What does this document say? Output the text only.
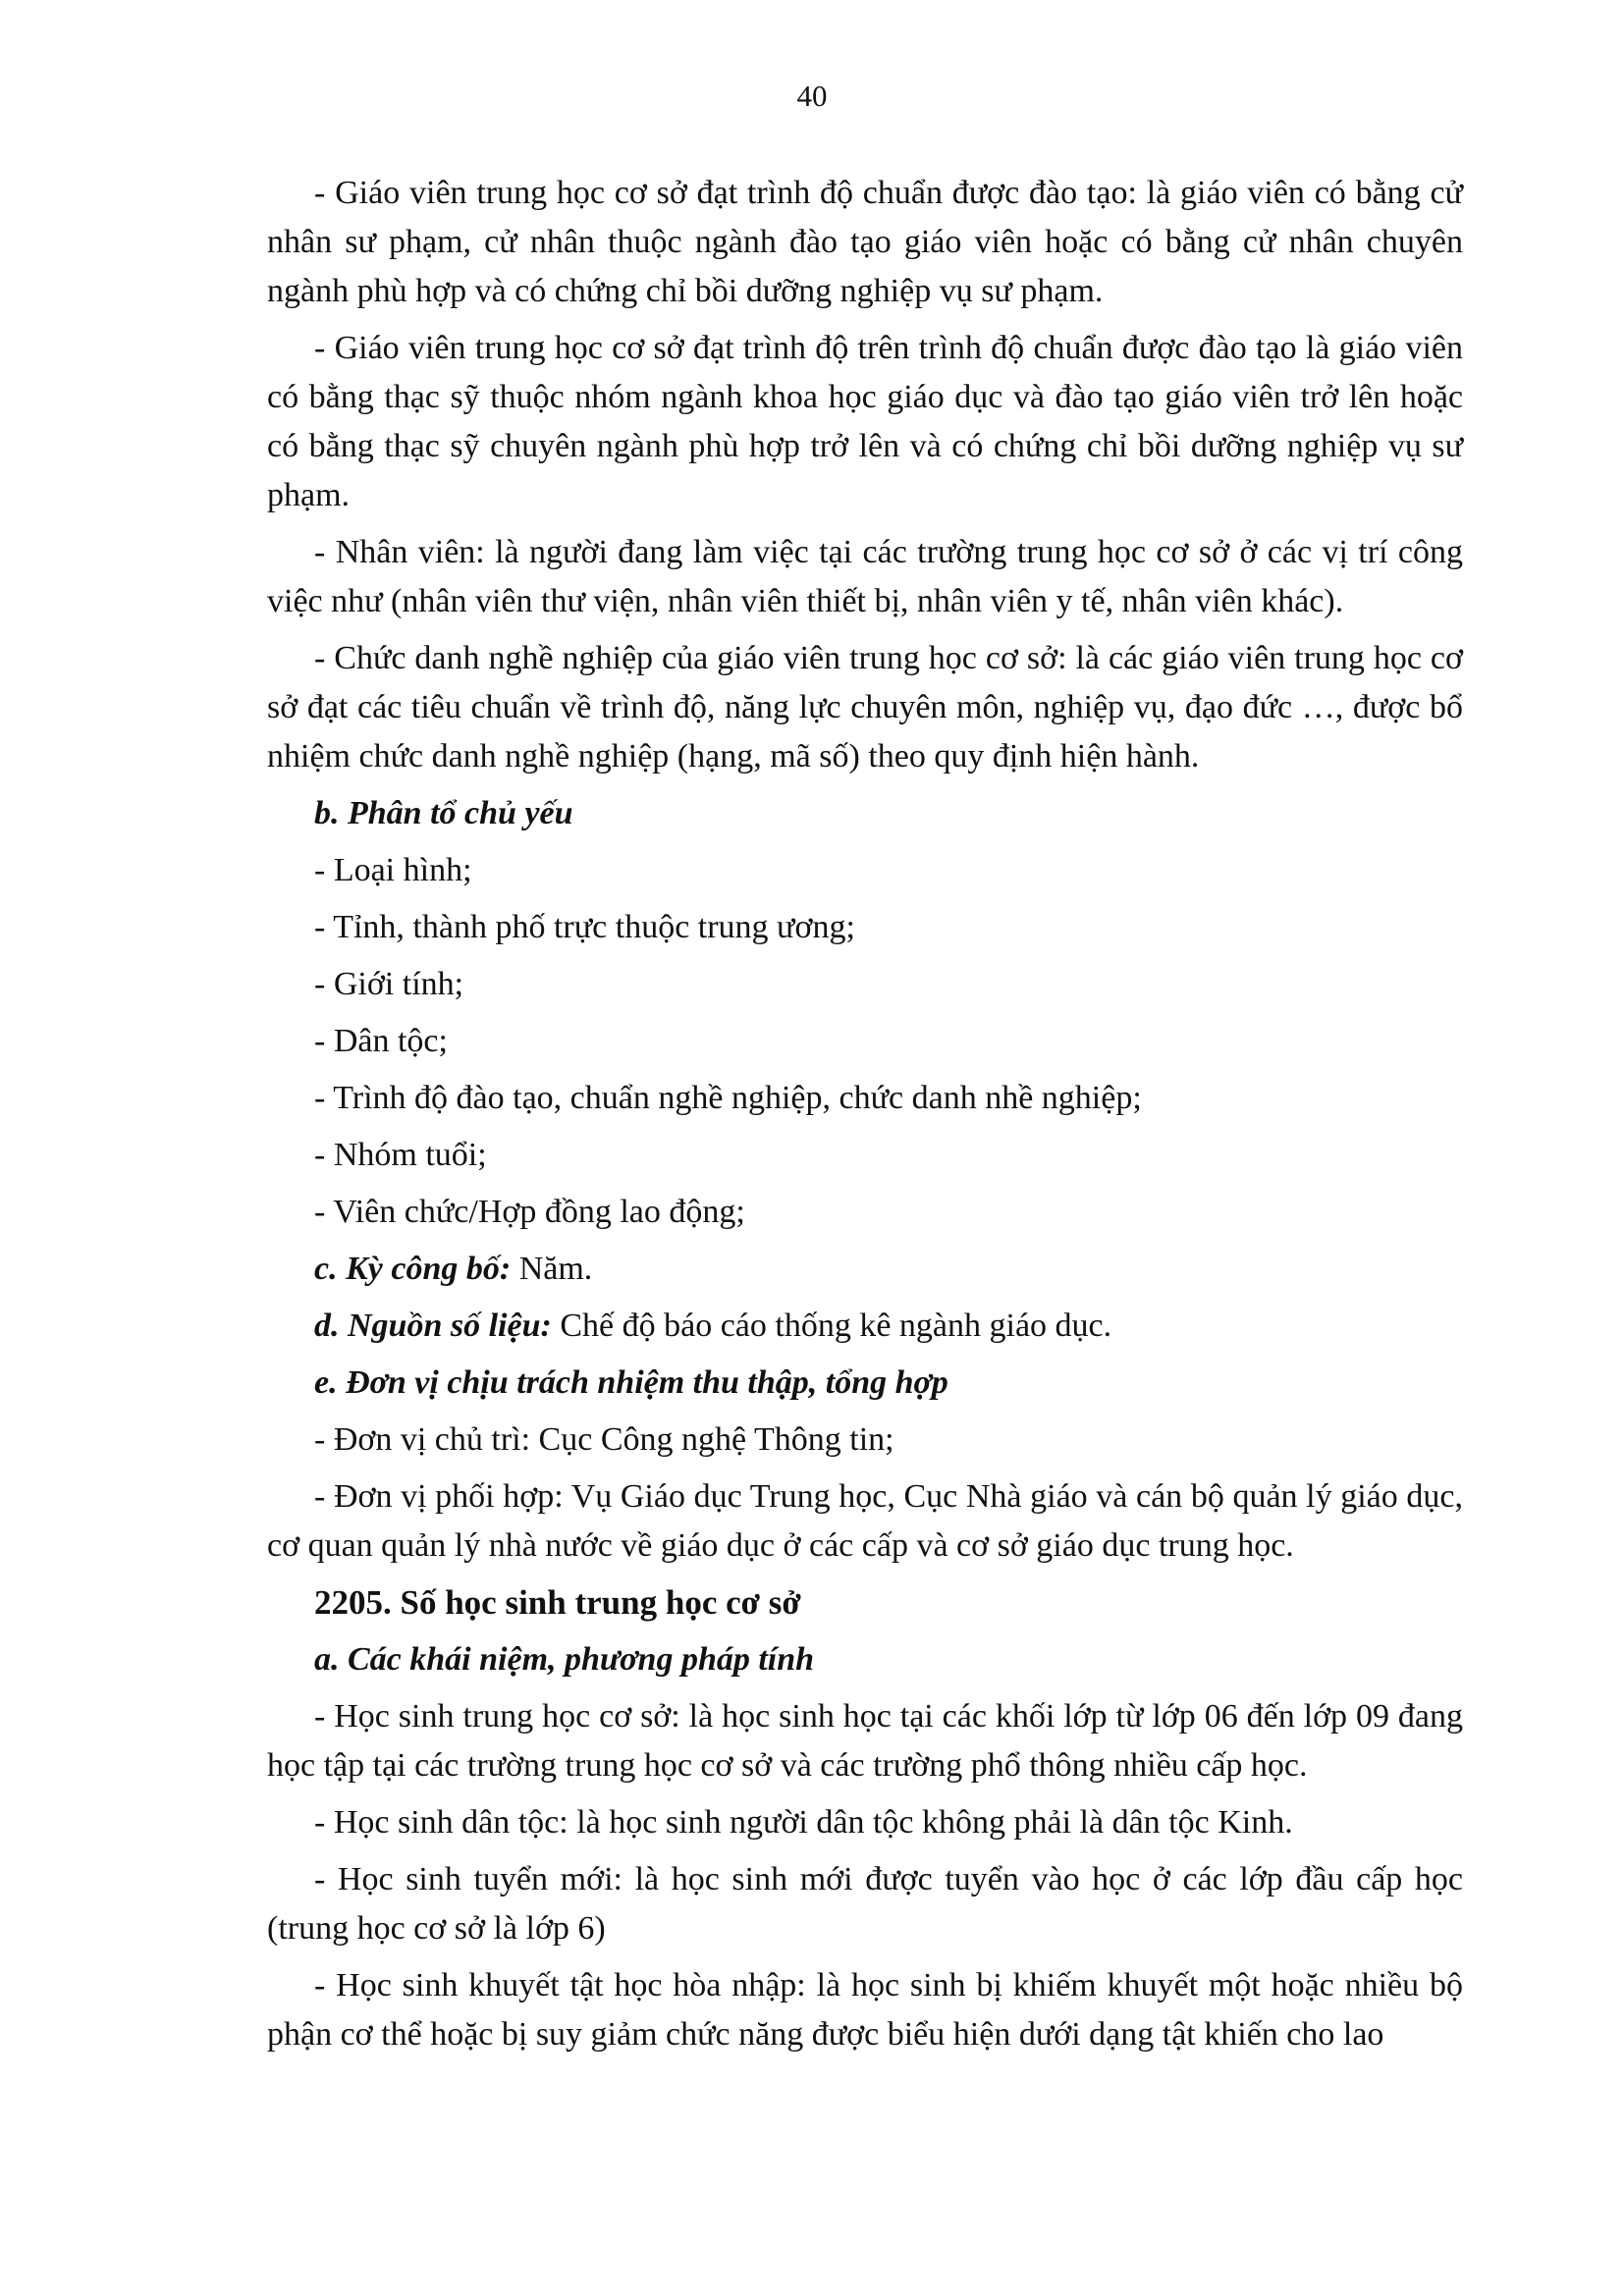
40

- Giáo viên trung học cơ sở đạt trình độ chuẩn được đào tạo: là giáo viên có bằng cử nhân sư phạm, cử nhân thuộc ngành đào tạo giáo viên hoặc có bằng cử nhân chuyên ngành phù hợp và có chứng chỉ bồi dưỡng nghiệp vụ sư phạm.

- Giáo viên trung học cơ sở đạt trình độ trên trình độ chuẩn được đào tạo là giáo viên có bằng thạc sỹ thuộc nhóm ngành khoa học giáo dục và đào tạo giáo viên trở lên hoặc có bằng thạc sỹ chuyên ngành phù hợp trở lên và có chứng chỉ bồi dưỡng nghiệp vụ sư phạm.

- Nhân viên: là người đang làm việc tại các trường trung học cơ sở ở các vị trí công việc như (nhân viên thư viện, nhân viên thiết bị, nhân viên y tế, nhân viên khác).

- Chức danh nghề nghiệp của giáo viên trung học cơ sở: là các giáo viên trung học cơ sở đạt các tiêu chuẩn về trình độ, năng lực chuyên môn, nghiệp vụ, đạo đức …, được bổ nhiệm chức danh nghề nghiệp (hạng, mã số) theo quy định hiện hành.

b. Phân tổ chủ yếu

- Loại hình;

- Tỉnh, thành phố trực thuộc trung ương;

- Giới tính;

- Dân tộc;

- Trình độ đào tạo, chuẩn nghề nghiệp, chức danh nhề nghiệp;

- Nhóm tuổi;

- Viên chức/Hợp đồng lao động;

c. Kỳ công bố: Năm.

d. Nguồn số liệu: Chế độ báo cáo thống kê ngành giáo dục.

e. Đơn vị chịu trách nhiệm thu thập, tổng hợp

- Đơn vị chủ trì: Cục Công nghệ Thông tin;

- Đơn vị phối hợp: Vụ Giáo dục Trung học, Cục Nhà giáo và cán bộ quản lý giáo dục, cơ quan quản lý nhà nước về giáo dục ở các cấp và cơ sở giáo dục trung học.

2205. Số học sinh trung học cơ sở

a. Các khái niệm, phương pháp tính

- Học sinh trung học cơ sở: là học sinh học tại các khối lớp từ lớp 06 đến lớp 09 đang học tập tại các trường trung học cơ sở và các trường phổ thông nhiều cấp học.

- Học sinh dân tộc: là học sinh người dân tộc không phải là dân tộc Kinh.

- Học sinh tuyển mới: là học sinh mới được tuyển vào học ở các lớp đầu cấp học (trung học cơ sở là lớp 6)

- Học sinh khuyết tật học hòa nhập: là học sinh bị khiếm khuyết một hoặc nhiều bộ phận cơ thể hoặc bị suy giảm chức năng được biểu hiện dưới dạng tật khiến cho lao
